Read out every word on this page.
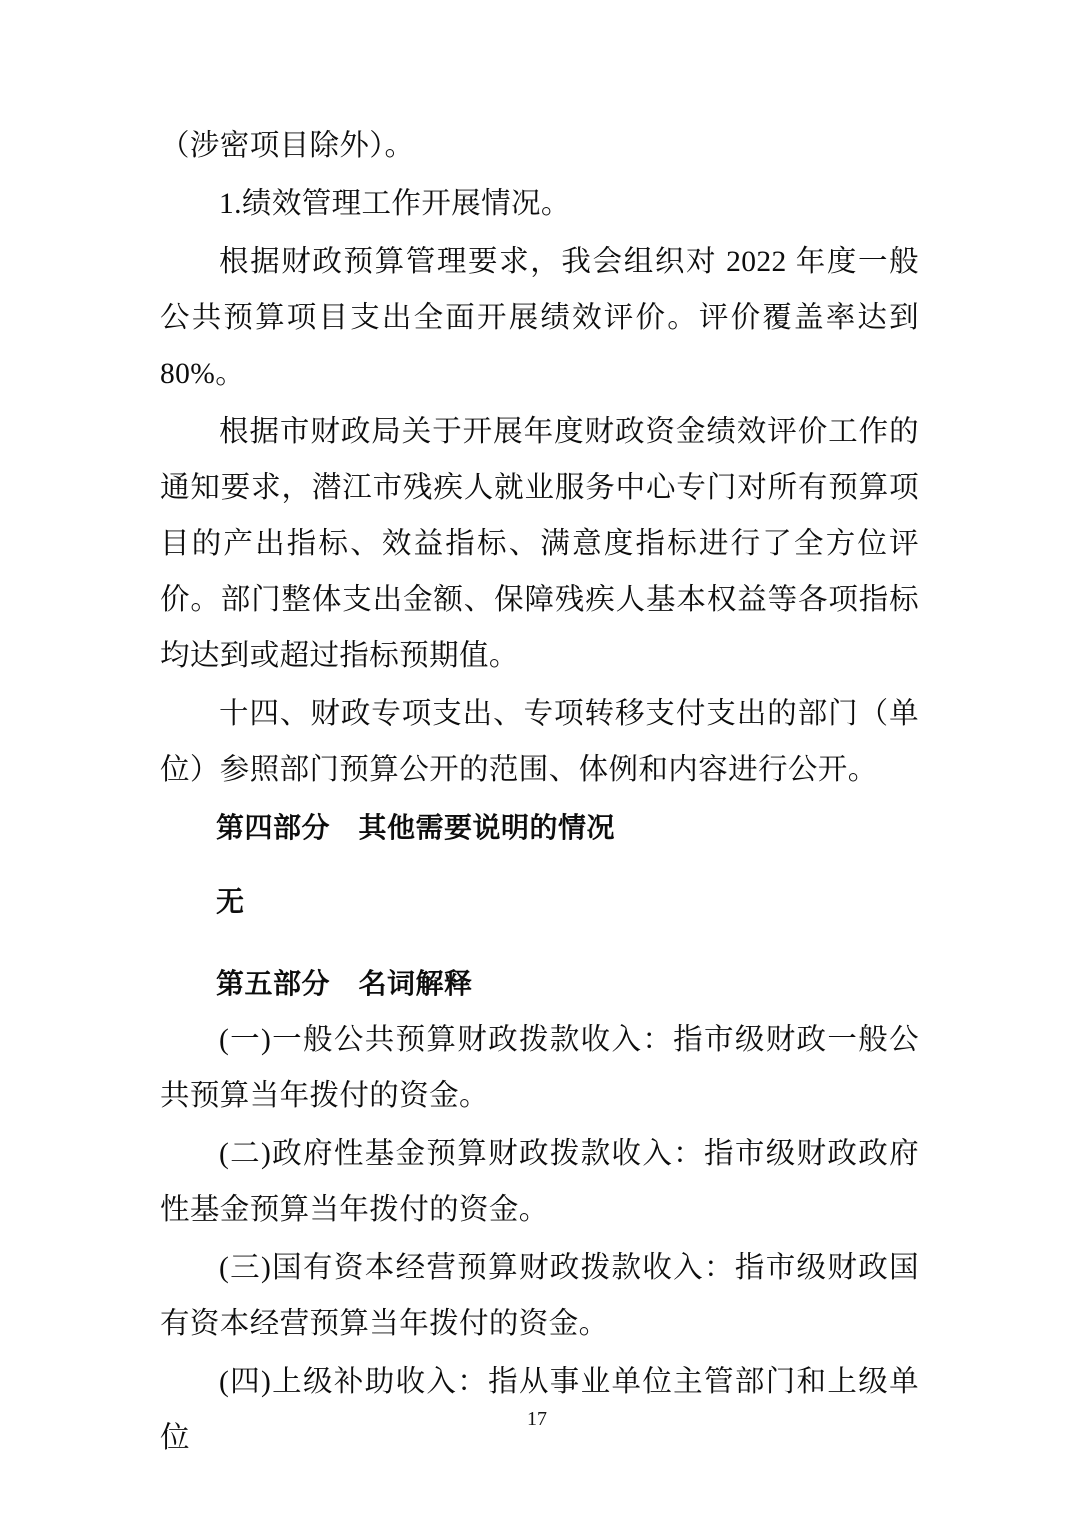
（涉密项目除外）。

1.绩效管理工作开展情况。

根据财政预算管理要求，我会组织对 2022 年度一般公共预算项目支出全面开展绩效评价。评价覆盖率达到 80%。

根据市财政局关于开展年度财政资金绩效评价工作的通知要求，潜江市残疾人就业服务中心专门对所有预算项目的产出指标、效益指标、满意度指标进行了全方位评价。部门整体支出金额、保障残疾人基本权益等各项指标均达到或超过指标预期值。

十四、财政专项支出、专项转移支付支出的部门（单位）参照部门预算公开的范围、体例和内容进行公开。

第四部分　其他需要说明的情况

无

第五部分　名词解释

(一)一般公共预算财政拨款收入：指市级财政一般公共预算当年拨付的资金。

(二)政府性基金预算财政拨款收入：指市级财政政府性基金预算当年拨付的资金。

(三)国有资本经营预算财政拨款收入：指市级财政国有资本经营预算当年拨付的资金。

(四)上级补助收入：指从事业单位主管部门和上级单位

17
